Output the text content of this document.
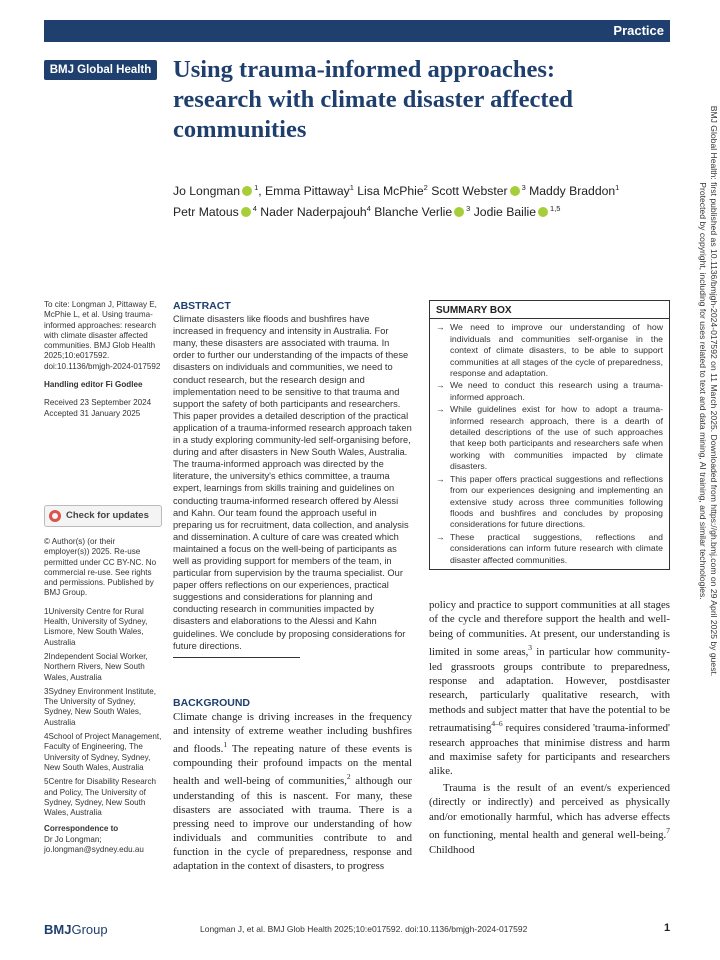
Practice
BMJ Global Health Using trauma-informed approaches: research with climate disaster affected communities
Jo Longman $^1$, Emma Pittaway$^1$ Lisa McPhie$^2$ Scott Webster $^3$ Maddy Braddon$^1$ Petr Matous $^4$ Nader Naderpajouh$^4$ Blanche Verlie $^3$ Jodie Bailie $^{1,5}$	BMJ Global Health: first published as 10.1136/bmjgh-2024-017592 on 11 March 2025. Downloaded from https://gh.bmj.com on 29 April 2025 by guest. Protected by copyright, including for uses related to text and data mining, AI training, and similar technologies.

To cite: Longman J, Pittaway E, McPhie L, et al. Using trauma-informed approaches: research with climate disaster affected communities. BMJ Glob Health 2025;10:e017592. doi:10.1136/bmjgh-2024-017592

Handling editor Fi Godlee

Received 23 September 2024
Accepted 31 January 2025

Check for updates

© Author(s) (or their employer(s)) 2025. Re-use permitted under CC BY-NC. No commercial re-use. See rights and permissions. Published by BMJ Group.

1University Centre for Rural Health, University of Sydney, Lismore, New South Wales, Australia

2Independent Social Worker, Northern Rivers, New South Wales, Australia

3Sydney Environment Institute, The University of Sydney, Sydney, New South Wales, Australia

4School of Project Management, Faculty of Engineering, The University of Sydney, Sydney, New South Wales, Australia

5Centre for Disability Research and Policy, The University of Sydney, Sydney, New South Wales, Australia

Correspondence to
Dr Jo Longman;
jo.longman@sydney.edu.au

ABSTRACT

Climate disasters like floods and bushfires have increased in frequency and intensity in Australia. For many, these disasters are associated with trauma. In order to further our understanding of the impacts of these disasters on individuals and communities, we need to conduct research, but the research design and implementation need to be sensitive to that trauma and support the safety of both participants and researchers. This paper provides a detailed description of the practical application of a trauma-informed research approach taken in a study exploring community-led self-organising before, during and after disasters in New South Wales, Australia. The trauma-informed approach was directed by the literature, the university's ethics committee, a trauma expert, learnings from skills training and guidelines on conducting trauma-informed research offered by Alessi and Kahn. Our team found the approach useful in preparing us for recruitment, data collection, and analysis and dissemination. A culture of care was created which maintained a focus on the well-being of participants as well as providing support for members of the team, in particular from supervision by the trauma specialist. Our paper offers reflections on our experiences, practical suggestions and considerations for planning and conducting research in communities impacted by disasters and elaborations to the Alessi and Kahn guidelines. We conclude by proposing considerations for future directions.

SUMMARY BOX
→ We need to improve our understanding of how individuals and communities self-organise in the context of climate disasters, to be able to support communities at all stages of the cycle of preparedness, response and adaptation.
→ We need to conduct this research using a trauma-informed approach.
→ While guidelines exist for how to adopt a trauma-informed research approach, there is a dearth of detailed descriptions of the use of such approaches that keep both participants and researchers safe when working with communities impacted by climate disasters.
→ This paper offers practical suggestions and reflections from our experiences designing and implementing an extensive study across three communities following floods and bushfires and concludes by proposing considerations for future directions.
→ These practical suggestions, reflections and considerations can inform future research with climate disaster affected communities.
BACKGROUND

Climate change is driving increases in the frequency and intensity of extreme weather including bushfires and floods.$^1$ The repeating nature of these events is compounding their profound impacts on the mental health and well-being of communities,$^2$ although our understanding of this is nascent. For many, these disasters are associated with trauma. There is a pressing need to improve our understanding of how individuals and communities contribute to and function in the cycle of preparedness, response and adaptation in the context of disasters, to progress

policy and practice to support communities at all stages of the cycle and therefore support the health and well-being of communities. At present, our understanding is limited in some areas,$^3$ in particular how community-led grassroots groups contribute to preparedness, response and adaptation. However, postdisaster research, particularly qualitative research, with methods and subject matter that have the potential to be retraumatising$^{4-6}$ requires considered 'trauma-informed' research approaches that minimise distress and harm and maximise safety for participants and researchers alike.

Trauma is the result of an event/s experienced (directly or indirectly) and perceived as physically and/or emotionally harmful, which has adverse effects on functioning, mental health and general well-being.$^7$ Childhood

BMJGroup	Longman J, et al. BMJ Glob Health 2025;10:e017592. doi:10.1136/bmjgh-2024-017592	1
